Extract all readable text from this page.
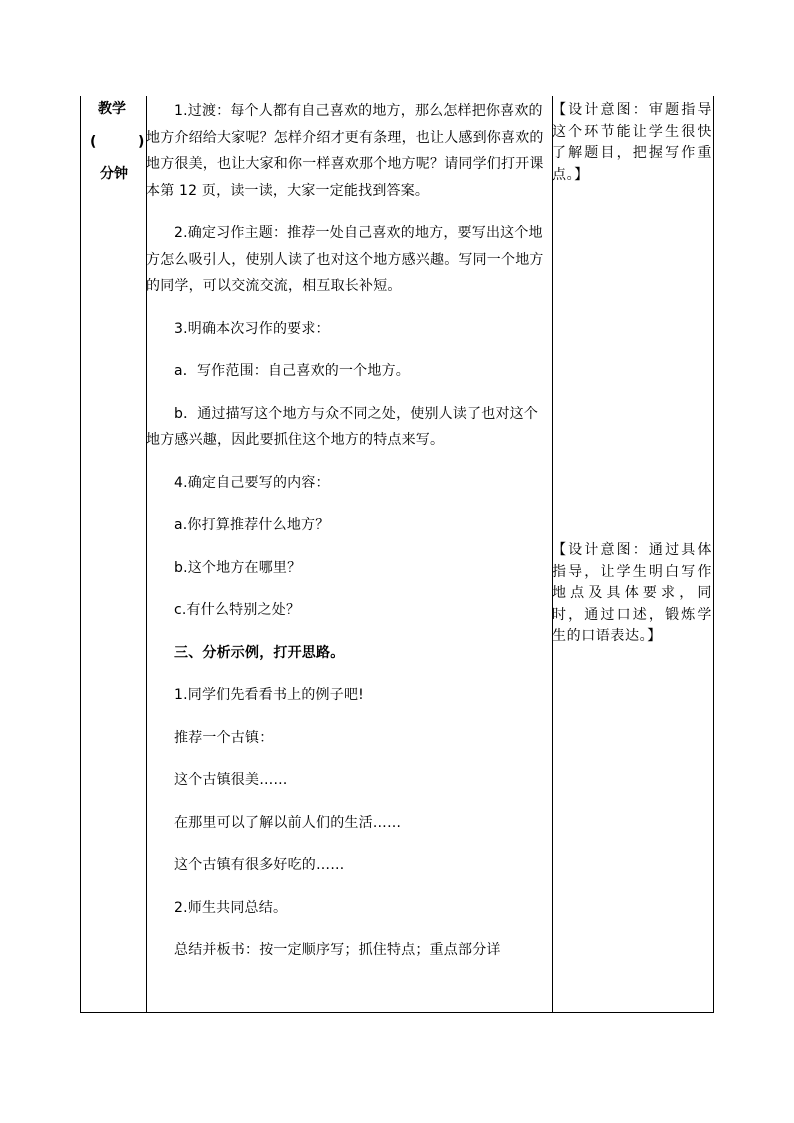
教学
(	)
分钟

1.过渡：每个人都有自己喜欢的地方，那么怎样把你喜欢的地方介绍给大家呢？怎样介绍才更有条理，也让人感到你喜欢的地方很美，也让大家和你一样喜欢那个地方呢？请同学们打开课本第 12 页，读一读，大家一定能找到答案。

2.确定习作主题：推荐一处自己喜欢的地方，要写出这个地方怎么吸引人，使别人读了也对这个地方感兴趣。写同一个地方的同学，可以交流交流，相互取长补短。

3.明确本次习作的要求：

a．写作范围：自己喜欢的一个地方。

b．通过描写这个地方与众不同之处，使别人读了也对这个地方感兴趣，因此要抓住这个地方的特点来写。

4.确定自己要写的内容：

a.你打算推荐什么地方？

b.这个地方在哪里？

c.有什么特别之处？

三、分析示例，打开思路。

1.同学们先看看书上的例子吧!

推荐一个古镇：

这个古镇很美……

在那里可以了解以前人们的生活……

这个古镇有很多好吃的……

2.师生共同总结。

总结并板书：按一定顺序写；抓住特点；重点部分详

【设计意图：审题指导这个环节能让学生很快了解题目，把握写作重点。】
【设计意图：通过具体指导，让学生明白写作地点及具体要求，同时，通过口述，锻炼学生的口语表达。】
